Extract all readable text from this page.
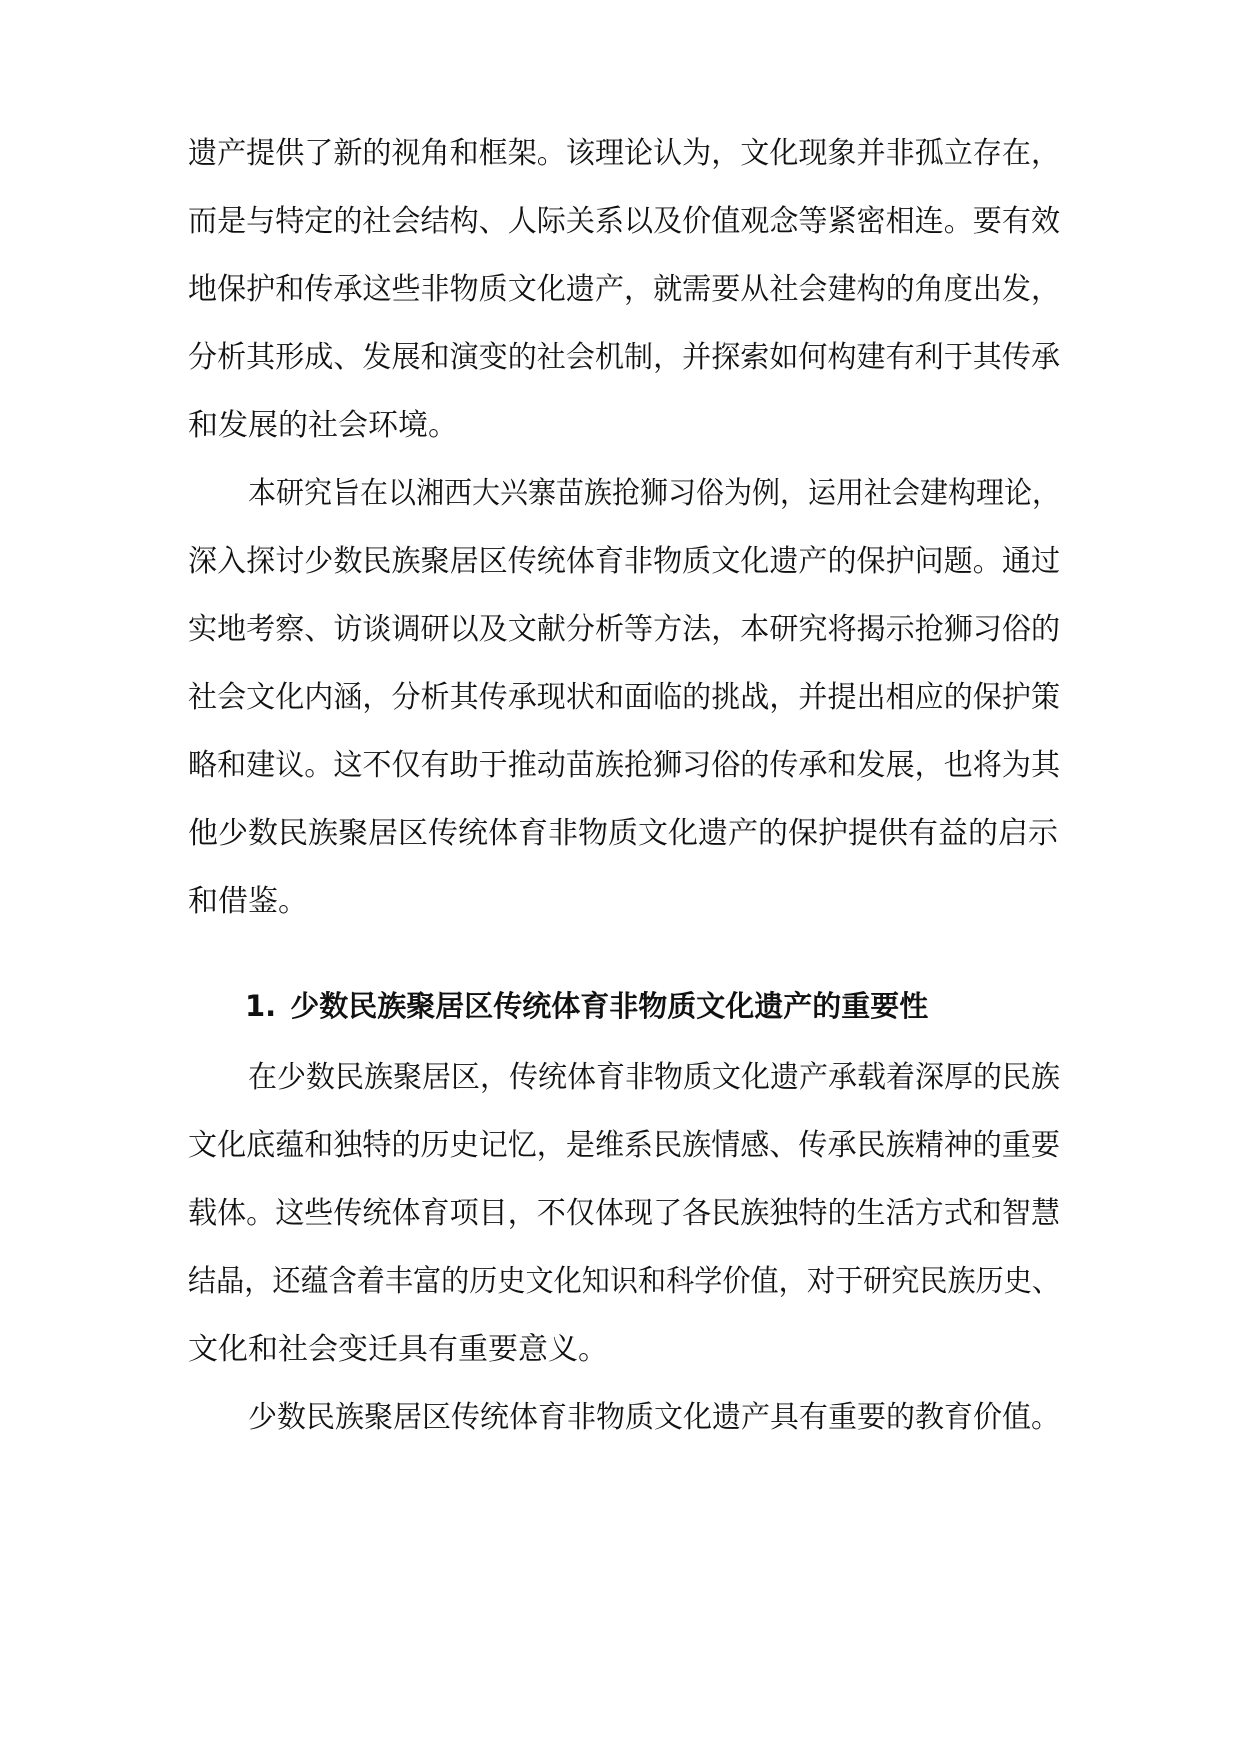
遗产提供了新的视角和框架。该理论认为，文化现象并非孤立存在，
而是与特定的社会结构、人际关系以及价值观念等紧密相连。要有效
地保护和传承这些非物质文化遗产，就需要从社会建构的角度出发，
分析其形成、发展和演变的社会机制，并探索如何构建有利于其传承
和发展的社会环境。
本研究旨在以湘西大兴寨苗族抢狮习俗为例，运用社会建构理论，
深入探讨少数民族聚居区传统体育非物质文化遗产的保护问题。通过
实地考察、访谈调研以及文献分析等方法，本研究将揭示抢狮习俗的
社会文化内涵，分析其传承现状和面临的挑战，并提出相应的保护策
略和建议。这不仅有助于推动苗族抢狮习俗的传承和发展，也将为其
他少数民族聚居区传统体育非物质文化遗产的保护提供有益的启示
和借鉴。
1. 少数民族聚居区传统体育非物质文化遗产的重要性
在少数民族聚居区，传统体育非物质文化遗产承载着深厚的民族
文化底蕴和独特的历史记忆，是维系民族情感、传承民族精神的重要
载体。这些传统体育项目，不仅体现了各民族独特的生活方式和智慧
结晶，还蕴含着丰富的历史文化知识和科学价值，对于研究民族历史、
文化和社会变迁具有重要意义。
少数民族聚居区传统体育非物质文化遗产具有重要的教育价值。
